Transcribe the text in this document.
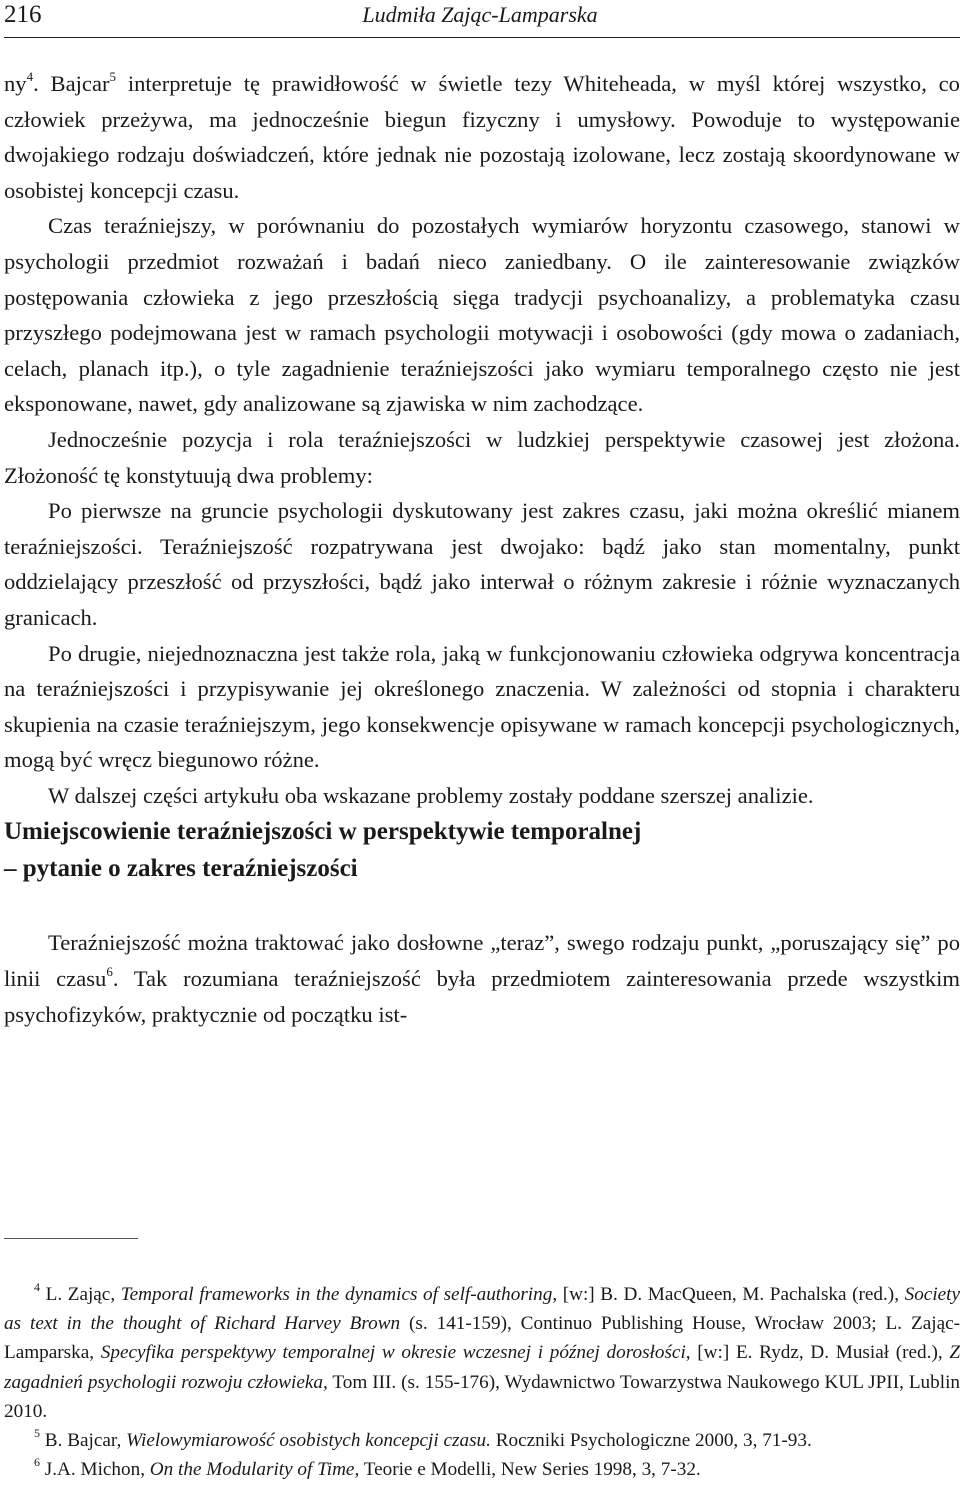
216	Ludmiła Zając-Lamparska

$ny^4$. Bajcar$^5$ interpretuje tę prawidłowość w świetle tezy Whiteheada, w myśl której wszystko, co człowiek przeżywa, ma jednocześnie biegun fizyczny i umysłowy. Powoduje to występowanie dwojakiego rodzaju doświadczeń, które jednak nie pozostają izolowane, lecz zostają skoordynowane w osobistej koncepcji czasu.

Czas teraźniejszy, w porównaniu do pozostałych wymiarów horyzontu czasowego, stanowi w psychologii przedmiot rozważań i badań nieco zaniedbany. O ile zainteresowanie związków postępowania człowieka z jego przeszłością sięga tradycji psychoanalizy, a problematyka czasu przyszłego podejmowana jest w ramach psychologii motywacji i osobowości (gdy mowa o zadaniach, celach, planach itp.), o tyle zagadnienie teraźniejszości jako wymiaru temporalnego często nie jest eksponowane, nawet, gdy analizowane są zjawiska w nim zachodzące.

Jednocześnie pozycja i rola teraźniejszości w ludzkiej perspektywie czasowej jest złożona. Złożoność tę konstytuują dwa problemy:

Po pierwsze na gruncie psychologii dyskutowany jest zakres czasu, jaki można określić mianem teraźniejszości. Teraźniejszość rozpatrywana jest dwojako: bądź jako stan momentalny, punkt oddzielający przeszłość od przyszłości, bądź jako interwał o różnym zakresie i różnie wyznaczanych granicach.

Po drugie, niejednoznaczna jest także rola, jaką w funkcjonowaniu człowieka odgrywa koncentracja na teraźniejszości i przypisywanie jej określonego znaczenia. W zależności od stopnia i charakteru skupienia na czasie teraźniejszym, jego konsekwencje opisywane w ramach koncepcji psychologicznych, mogą być wręcz biegunowo różne.

W dalszej części artykułu oba wskazane problemy zostały poddane szerszej analizie.

Umiejscowienie teraźniejszości w perspektywie temporalnej

– pytanie o zakres teraźniejszości

Teraźniejszość można traktować jako dosłowne „teraz”, swego rodzaju punkt, „poruszający się” po linii czasu$^6$. Tak rozumiana teraźniejszość była przedmiotem zainteresowania przede wszystkim psychofizyków, praktycznie od początku ist-

$^4$ L. Zając, Temporal frameworks in the dynamics of self-authoring, [w:] B. D. MacQueen, M. Pachalska (red.), Society as text in the thought of Richard Harvey Brown (s. 141-159), Continuo Publishing House, Wrocław 2003; L. Zając-Lamparska, Specyfika perspektywy temporalnej w okresie wczesnej i późnej dorosłości, [w:] E. Rydz, D. Musiał (red.), Z zagadnień psychologii rozwoju człowieka, Tom III. (s. 155-176), Wydawnictwo Towarzystwa Naukowego KUL JPII, Lublin 2010.

$^5$ B. Bajcar, Wielowymiarowość osobistych koncepcji czasu. Roczniki Psychologiczne 2000, 3, 71-93.

$^6$ J.A. Michon, On the Modularity of Time, Teorie e Modelli, New Series 1998, 3, 7-32.
